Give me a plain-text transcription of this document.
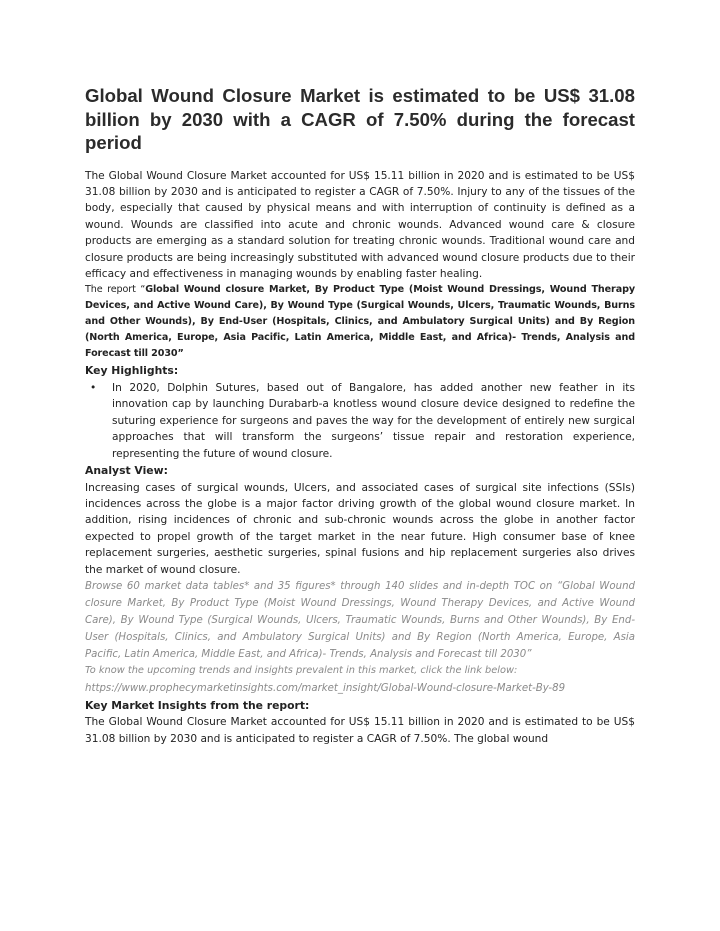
Global Wound Closure Market is estimated to be US$ 31.08 billion by 2030 with a CAGR of 7.50% during the forecast period

The Global Wound Closure Market accounted for US$ 15.11 billion in 2020 and is estimated to be US$ 31.08 billion by 2030 and is anticipated to register a CAGR of 7.50%. Injury to any of the tissues of the body, especially that caused by physical means and with interruption of continuity is defined as a wound. Wounds are classified into acute and chronic wounds. Advanced wound care & closure products are emerging as a standard solution for treating chronic wounds. Traditional wound care and closure products are being increasingly substituted with advanced wound closure products due to their efficacy and effectiveness in managing wounds by enabling faster healing.

The report “Global Wound closure Market, By Product Type (Moist Wound Dressings, Wound Therapy Devices, and Active Wound Care), By Wound Type (Surgical Wounds, Ulcers, Traumatic Wounds, Burns and Other Wounds), By End-User (Hospitals, Clinics, and Ambulatory Surgical Units) and By Region (North America, Europe, Asia Pacific, Latin America, Middle East, and Africa)- Trends, Analysis and Forecast till 2030”

Key Highlights:

• In 2020, Dolphin Sutures, based out of Bangalore, has added another new feather in its innovation cap by launching Durabarb-a knotless wound closure device designed to redefine the suturing experience for surgeons and paves the way for the development of entirely new surgical approaches that will transform the surgeons’ tissue repair and restoration experience, representing the future of wound closure.

Analyst View:

Increasing cases of surgical wounds, Ulcers, and associated cases of surgical site infections (SSIs) incidences across the globe is a major factor driving growth of the global wound closure market. In addition, rising incidences of chronic and sub-chronic wounds across the globe in another factor expected to propel growth of the target market in the near future. High consumer base of knee replacement surgeries, aesthetic surgeries, spinal fusions and hip replacement surgeries also drives the market of wound closure.

Browse 60 market data tables* and 35 figures* through 140 slides and in-depth TOC on “Global Wound closure Market, By Product Type (Moist Wound Dressings, Wound Therapy Devices, and Active Wound Care), By Wound Type (Surgical Wounds, Ulcers, Traumatic Wounds, Burns and Other Wounds), By End-User (Hospitals, Clinics, and Ambulatory Surgical Units) and By Region (North America, Europe, Asia Pacific, Latin America, Middle East, and Africa)- Trends, Analysis and Forecast till 2030”

To know the upcoming trends and insights prevalent in this market, click the link below:

https://www.prophecymarketinsights.com/market_insight/Global-Wound-closure-Market-By-89

Key Market Insights from the report:

The Global Wound Closure Market accounted for US$ 15.11 billion in 2020 and is estimated to be US$ 31.08 billion by 2030 and is anticipated to register a CAGR of 7.50%. The global wound
